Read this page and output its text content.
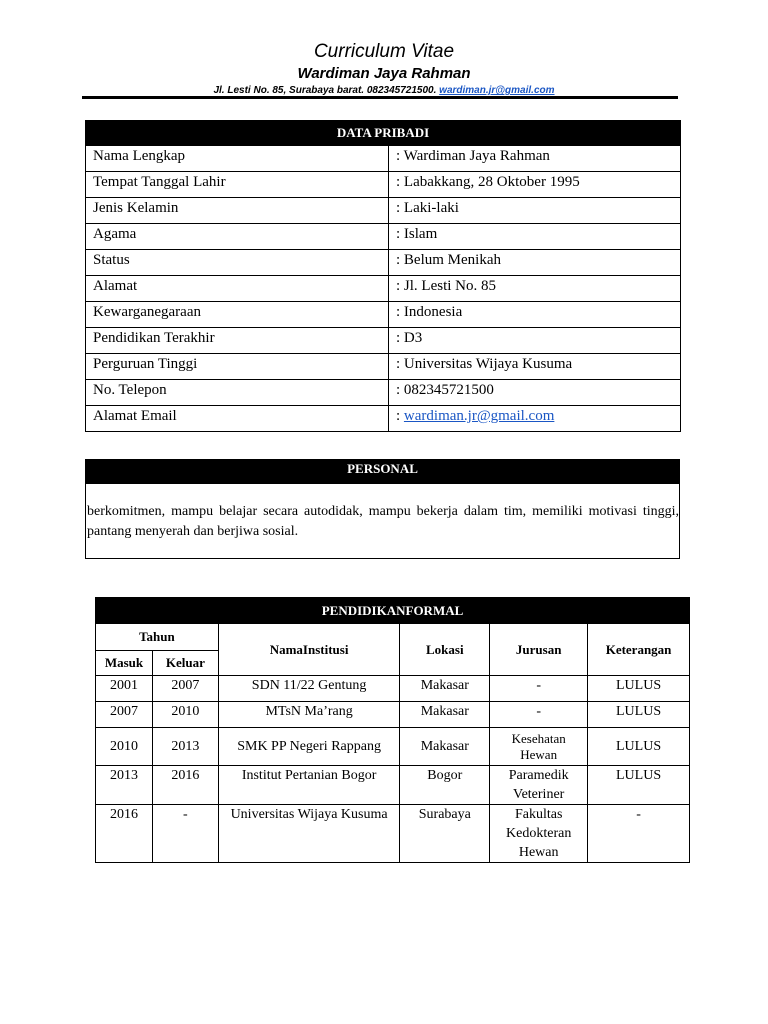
Curriculum Vitae
Wardiman Jaya Rahman
Jl. Lesti No. 85, Surabaya barat. 082345721500. wardiman.jr@gmail.com
DATA PRIBADI	
Nama Lengkap	: Wardiman Jaya Rahman
Tempat Tanggal Lahir	: Labakkang, 28 Oktober 1995
Jenis Kelamin	: Laki-laki
Agama	: Islam
Status	: Belum Menikah
Alamat	: Jl. Lesti No. 85
Kewarganegaraan	: Indonesia
Pendidikan Terakhir	: D3
Perguruan Tinggi	: Universitas Wijaya Kusuma
No. Telepon	: 082345721500
Alamat Email	: wardiman.jr@gmail.com
PERSONAL

berkomitmen, mampu belajar secara autodidak, mampu bekerja dalam tim, memiliki motivasi tinggi, pantang menyerah dan berjiwa sosial.

PENDIDIKANFORMAL					
Tahun		NamaInstitusi	Lokasi	Jurusan	Keterangan
Masuk	Keluar				
2001	2007	SDN 11/22 Gentung	Makasar	-	LULUS
2007	2010	MTsN Ma’rang	Makasar	-	LULUS
2010	2013	SMK PP Negeri Rappang	Makasar	Kesehatan Hewan	LULUS
2013	2016	Institut Pertanian Bogor	Bogor	Paramedik Veteriner	LULUS
2016	-	Universitas Wijaya Kusuma	Surabaya	Fakultas Kedokteran Hewan	-
